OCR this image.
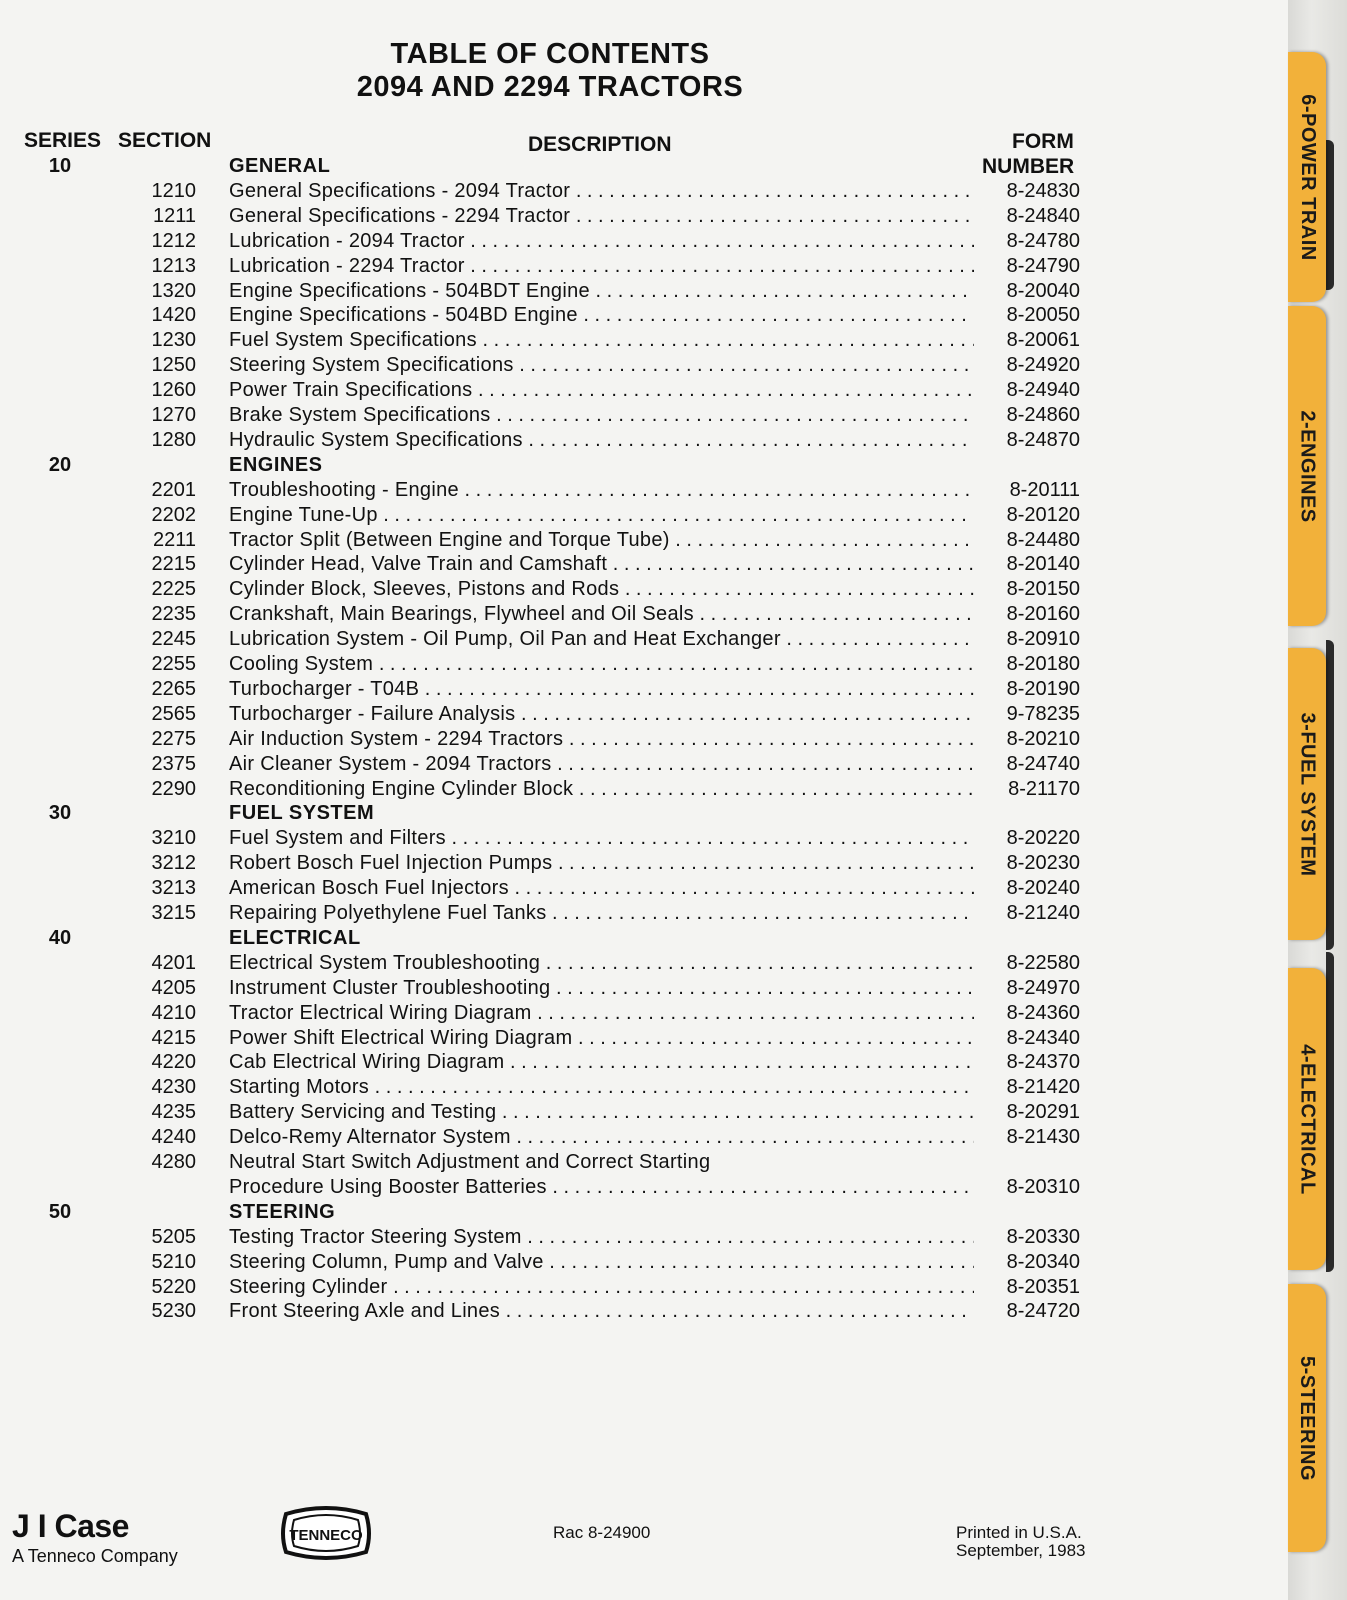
TABLE OF CONTENTS
2094 AND 2294 TRACTORS
SERIES SECTION	DESCRIPTION	FORM
NUMBER
10	GENERAL
1210 General Specifications - 2094 Tractor . . .	8-24830
1211 General Specifications - 2294 Tractor . . .	8-24840
1212 Lubrication - 2094 Tractor . . .	8-24780
1213 Lubrication - 2294 Tractor . . .	8-24790
1320 Engine Specifications - 504BDT Engine . . .	8-20040
1420 Engine Specifications - 504BD Engine . . .	8-20050
1230 Fuel System Specifications . . .	8-20061
1250 Steering System Specifications . . .	8-24920
1260 Power Train Specifications . . .	8-24940
1270 Brake System Specifications . . .	8-24860
1280 Hydraulic System Specifications . . .	8-24870
20	ENGINES
2201 Troubleshooting - Engine . . .	8-20111
2202 Engine Tune-Up . . .	8-20120
2211 Tractor Split (Between Engine and Torque Tube) . . .	8-24480
2215 Cylinder Head, Valve Train and Camshaft . . .	8-20140
2225 Cylinder Block, Sleeves, Pistons and Rods . . .	8-20150
2235 Crankshaft, Main Bearings, Flywheel and Oil Seals . . .	8-20160
2245 Lubrication System - Oil Pump, Oil Pan and Heat Exchanger . . .	8-20910
2255 Cooling System . . .	8-20180
2265 Turbocharger - T04B . . .	8-20190
2565 Turbocharger - Failure Analysis . . .	9-78235
2275 Air Induction System - 2294 Tractors . . .	8-20210
2375 Air Cleaner System - 2094 Tractors . . .	8-24740
2290 Reconditioning Engine Cylinder Block . . .	8-21170
30	FUEL SYSTEM
3210 Fuel System and Filters . . .	8-20220
3212 Robert Bosch Fuel Injection Pumps . . .	8-20230
3213 American Bosch Fuel Injectors . . .	8-20240
3215 Repairing Polyethylene Fuel Tanks . . .	8-21240
40	ELECTRICAL
4201 Electrical System Troubleshooting . . .	8-22580
4205 Instrument Cluster Troubleshooting . . .	8-24970
4210 Tractor Electrical Wiring Diagram . . .	8-24360
4215 Power Shift Electrical Wiring Diagram . . .	8-24340
4220 Cab Electrical Wiring Diagram . . .	8-24370
4230 Starting Motors . . .	8-21420
4235 Battery Servicing and Testing . . .	8-20291
4240 Delco-Remy Alternator System . . .	8-21430
4280 Neutral Start Switch Adjustment and Correct Starting
Procedure Using Booster Batteries . . .	8-20310
50	STEERING
5205 Testing Tractor Steering System . . .	8-20330
5210 Steering Column, Pump and Valve . . .	8-20340
5220 Steering Cylinder . . .	8-20351
5230 Front Steering Axle and Lines . . .	8-24720
J I Case
A Tenneco Company
TENNECO	Rac 8-24900	Printed in U.S.A.
September, 1983
6-POWER TRAIN
2-ENGINES
3-FUEL SYSTEM
4-ELECTRICAL
5-STEERING
